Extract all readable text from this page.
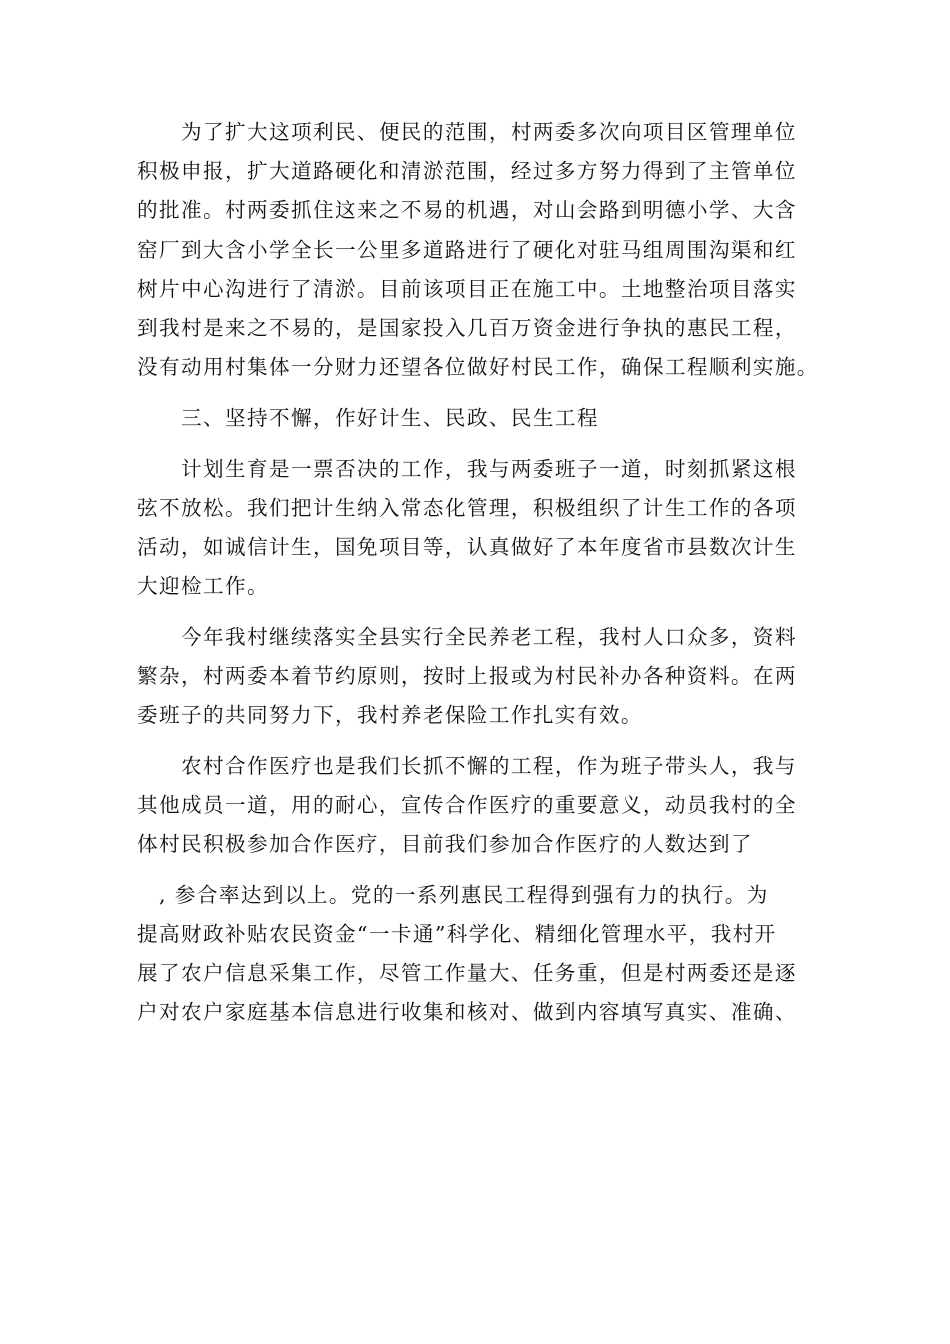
　　为了扩大这项利民、便民的范围，村两委多次向项目区管理单位
积极申报，扩大道路硬化和清淤范围，经过多方努力得到了主管单位
的批准。村两委抓住这来之不易的机遇，对山会路到明德小学、大含
窑厂到大含小学全长一公里多道路进行了硬化对驻马组周围沟渠和红
树片中心沟进行了清淤。目前该项目正在施工中。土地整治项目落实
到我村是来之不易的，是国家投入几百万资金进行争执的惠民工程，
没有动用村集体一分财力还望各位做好村民工作，确保工程顺利实施。
　　三、坚持不懈，作好计生、民政、民生工程
　　计划生育是一票否决的工作，我与两委班子一道，时刻抓紧这根
弦不放松。我们把计生纳入常态化管理，积极组织了计生工作的各项
活动，如诚信计生，国免项目等，认真做好了本年度省市县数次计生
大迎检工作。
　　今年我村继续落实全县实行全民养老工程，我村人口众多，资料
繁杂，村两委本着节约原则，按时上报或为村民补办各种资料。在两
委班子的共同努力下，我村养老保险工作扎实有效。
　　农村合作医疗也是我们长抓不懈的工程，作为班子带头人，我与
其他成员一道，用的耐心，宣传合作医疗的重要意义，动员我村的全
体村民积极参加合作医疗，目前我们参加合作医疗的人数达到了
　, 参合率达到以上。党的一系列惠民工程得到强有力的执行。为
提高财政补贴农民资金“一卡通”科学化、精细化管理水平，我村开
展了农户信息采集工作，尽管工作量大、任务重，但是村两委还是逐
户对农户家庭基本信息进行收集和核对、做到内容填写真实、准确、
